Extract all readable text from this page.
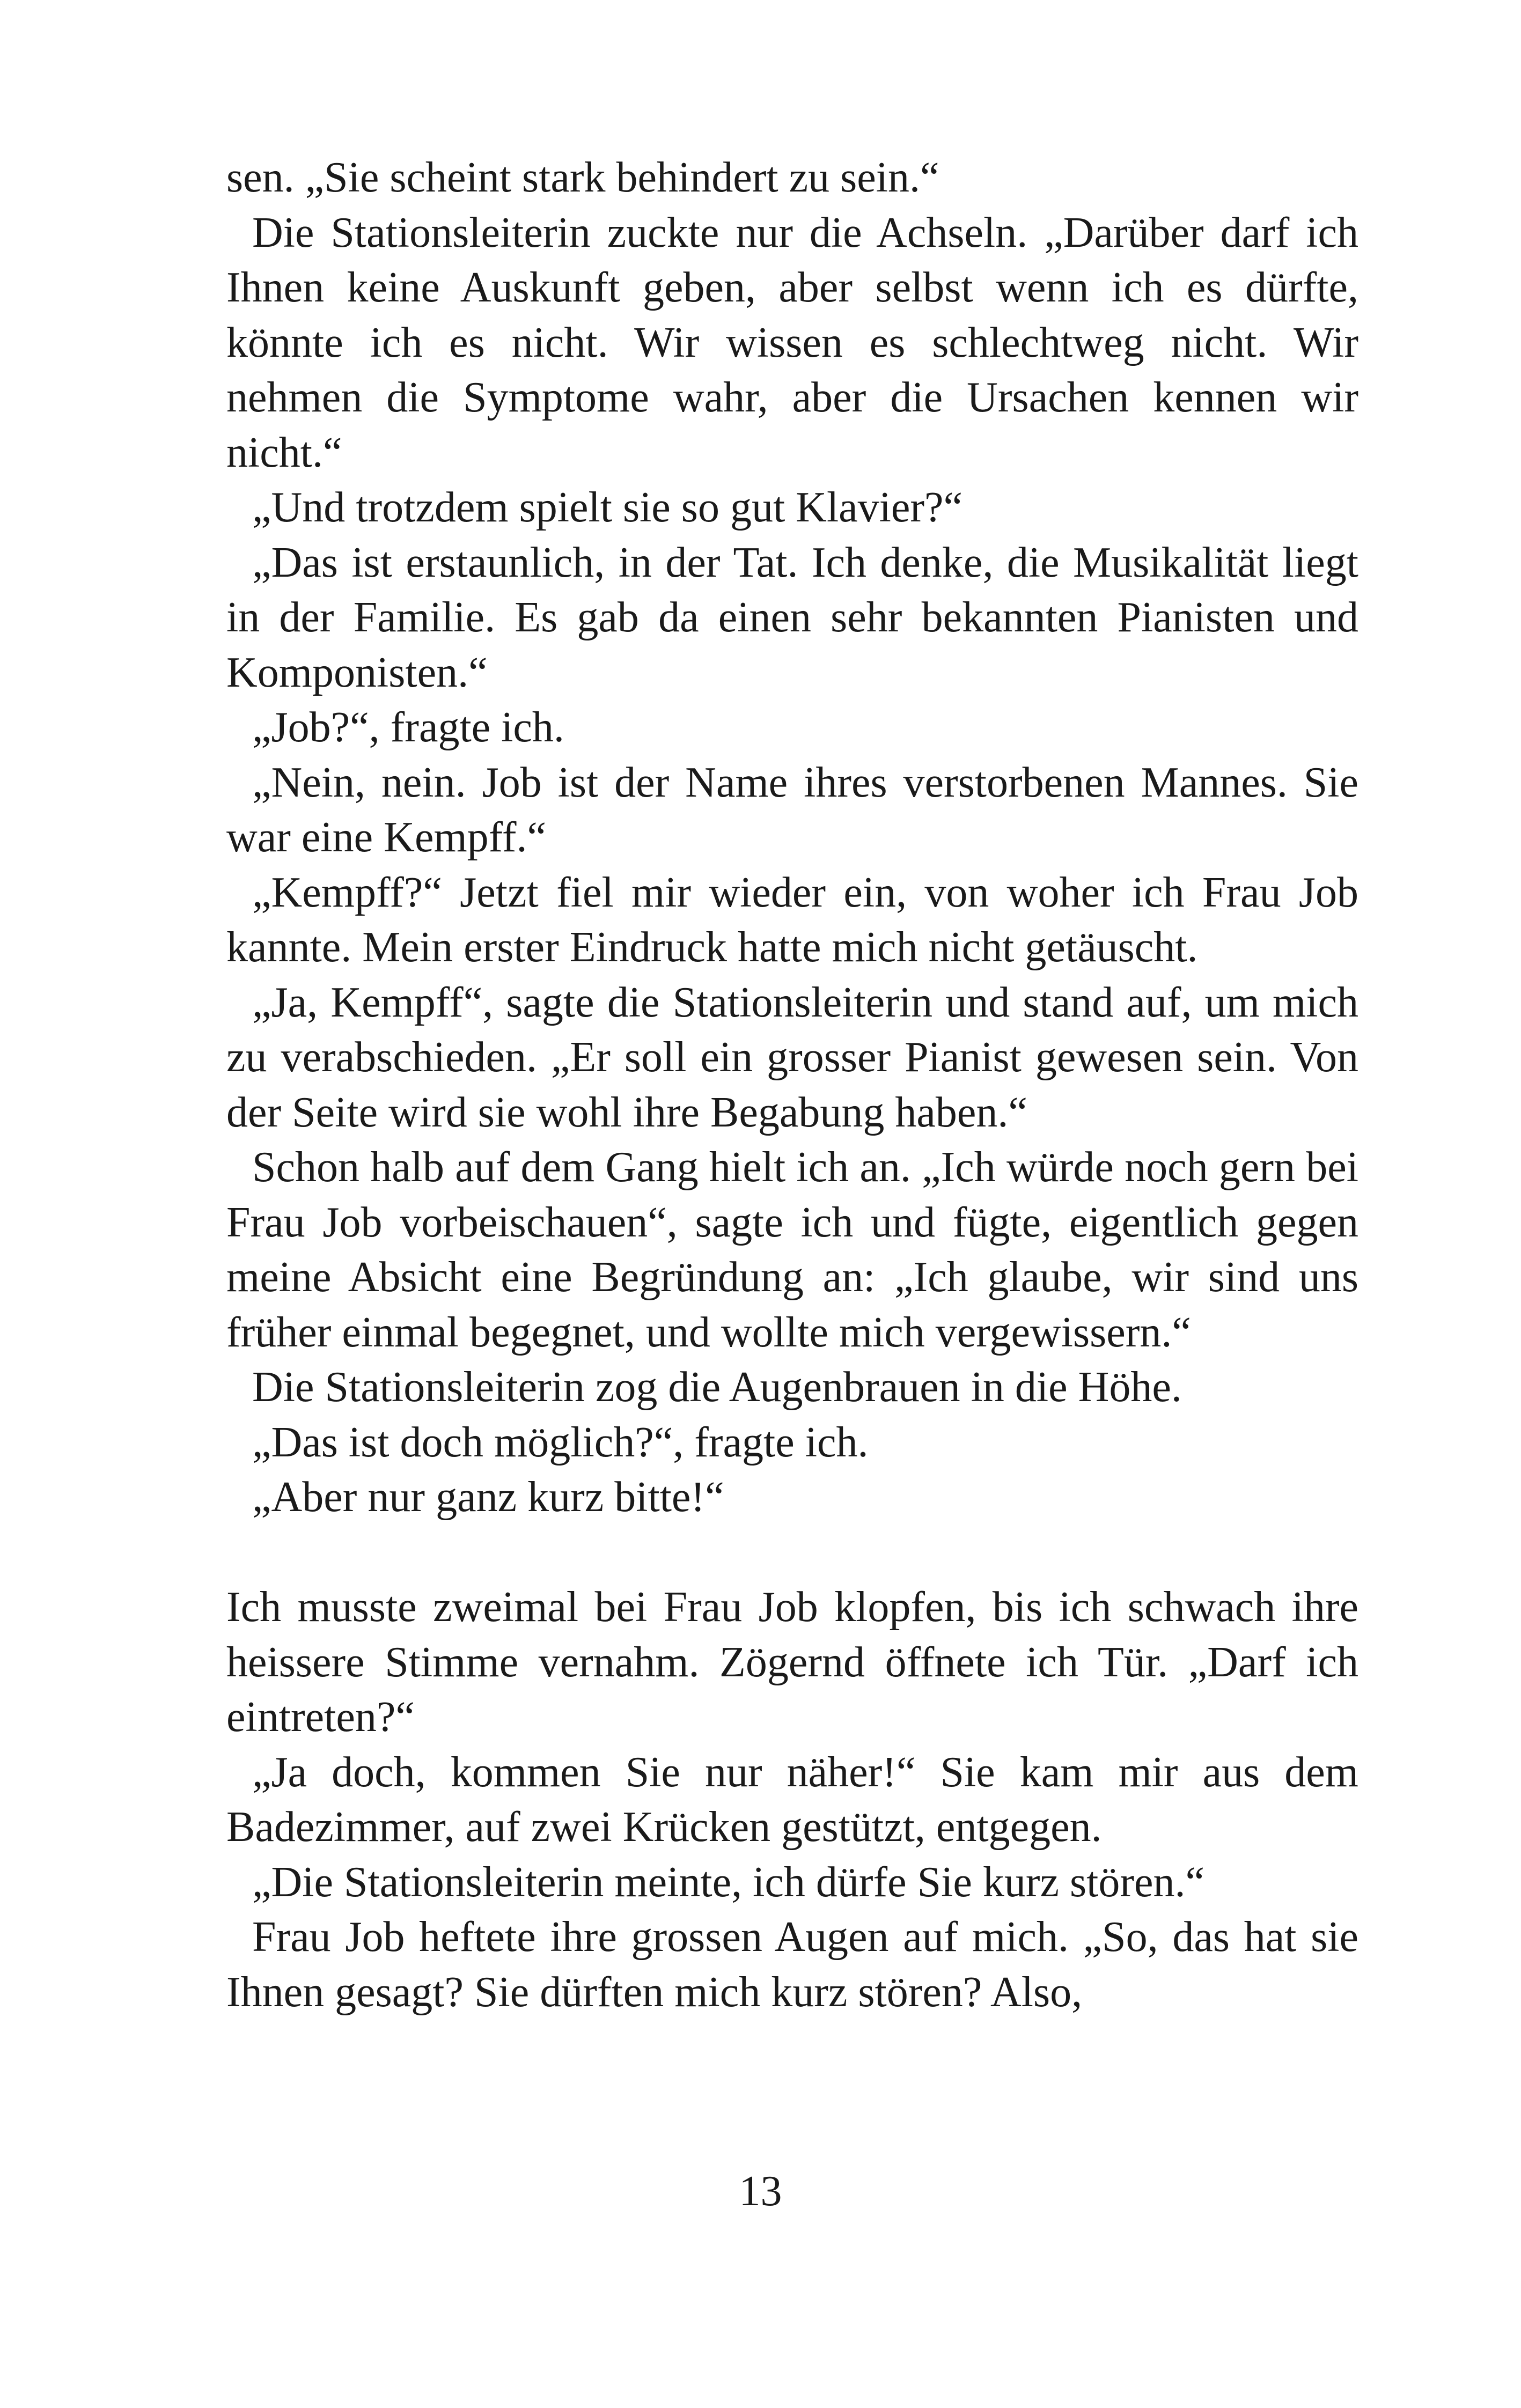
sen. „Sie scheint stark behindert zu sein.“

Die Stationsleiterin zuckte nur die Achseln. „Darüber darf ich Ihnen keine Auskunft geben, aber selbst wenn ich es dürfte, könnte ich es nicht. Wir wissen es schlechtweg nicht. Wir nehmen die Symptome wahr, aber die Ursachen kennen wir nicht.“

„Und trotzdem spielt sie so gut Klavier?“

„Das ist erstaunlich, in der Tat. Ich denke, die Musikalität liegt in der Familie. Es gab da einen sehr bekannten Pianisten und Komponisten.“

„Job?“, fragte ich.

„Nein, nein. Job ist der Name ihres verstorbenen Mannes. Sie war eine Kempff.“

„Kempff?“ Jetzt fiel mir wieder ein, von woher ich Frau Job kannte. Mein erster Eindruck hatte mich nicht getäuscht.

„Ja, Kempff“, sagte die Stationsleiterin und stand auf, um mich zu verabschieden. „Er soll ein grosser Pianist gewesen sein. Von der Seite wird sie wohl ihre Begabung haben.“

Schon halb auf dem Gang hielt ich an. „Ich würde noch gern bei Frau Job vorbeischauen“, sagte ich und fügte, eigentlich gegen meine Absicht eine Begründung an: „Ich glaube, wir sind uns früher einmal begegnet, und wollte mich vergewissern.“

Die Stationsleiterin zog die Augenbrauen in die Höhe.

„Das ist doch möglich?“, fragte ich.

„Aber nur ganz kurz bitte!“

Ich musste zweimal bei Frau Job klopfen, bis ich schwach ihre heissere Stimme vernahm. Zögernd öffnete ich Tür. „Darf ich eintreten?“

„Ja doch, kommen Sie nur näher!“ Sie kam mir aus dem Badezimmer, auf zwei Krücken gestützt, entgegen.

„Die Stationsleiterin meinte, ich dürfe Sie kurz stören.“

Frau Job heftete ihre grossen Augen auf mich. „So, das hat sie Ihnen gesagt? Sie dürften mich kurz stören? Also,

13
